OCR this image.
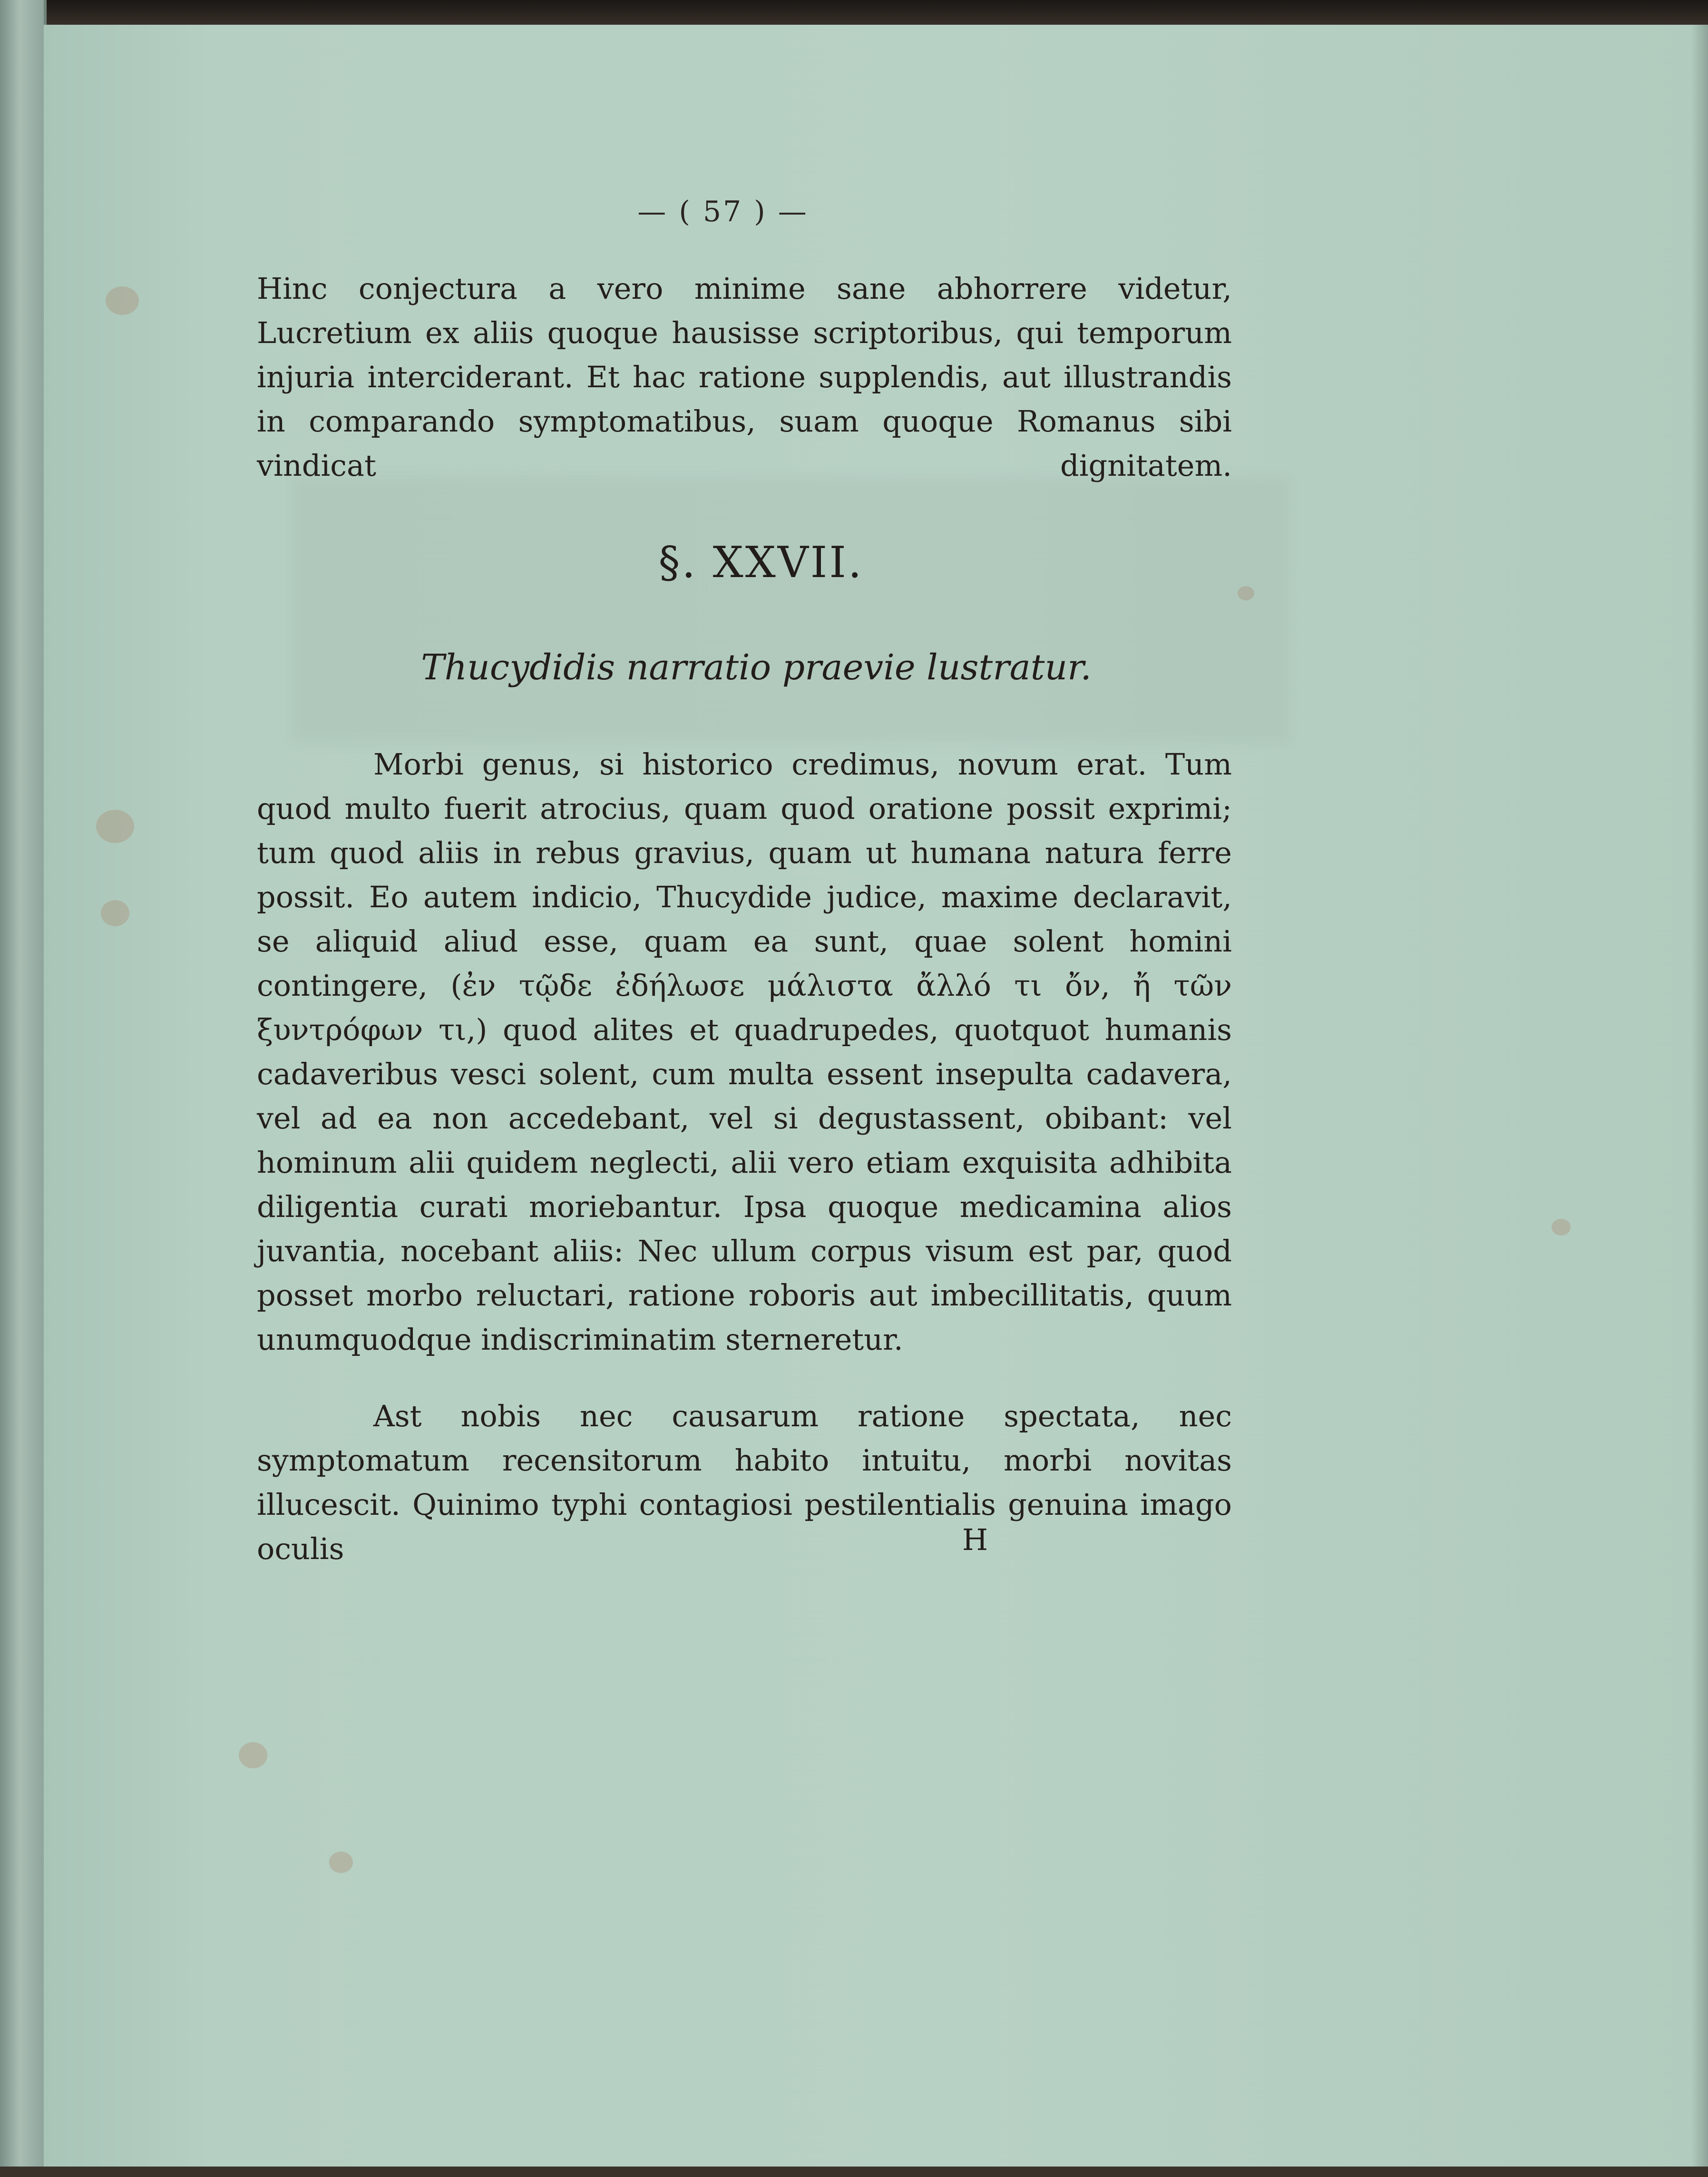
— ( 57 ) —
Hinc conjectura a vero minime sane abhorrere videtur, Lucretium ex aliis quoque hausisse scriptoribus, qui temporum injuria interciderant. Et hac ratione supplendis, aut illustrandis in comparando symptomatibus, suam quoque Romanus sibi vindicat dignitatem.
§. XXVII.
Thucydidis narratio praevie lustratur.
Morbi genus, si historico credimus, novum erat. Tum quod multo fuerit atrocius, quam quod oratione possit exprimi; tum quod aliis in rebus gravius, quam ut humana natura ferre possit. Eo autem indicio, Thucydide judice, maxime declaravit, se aliquid aliud esse, quam ea sunt, quae solent homini contingere, (ἐν τῷδε ἐδήλωσε μάλιστα ἄλλό τι ὄν, ἤ τῶν ξυντρόφων τι,) quod alites et quadrupedes, quotquot humanis cadaveribus vesci solent, cum multa essent insepulta cadavera, vel ad ea non accedebant, vel si degustassent, obibant: vel hominum alii quidem neglecti, alii vero etiam exquisita adhibita diligentia curati moriebantur. Ipsa quoque medicamina alios juvantia, nocebant aliis: Nec ullum corpus visum est par, quod posset morbo reluctari, ratione roboris aut imbecillitatis, quum unumquodque indiscriminatim sterneretur.
Ast nobis nec causarum ratione spectata, nec symptomatum recensitorum habito intuitu, morbi novitas illucescit. Quinimo typhi contagiosi pestilentialis genuina imago oculis	H
